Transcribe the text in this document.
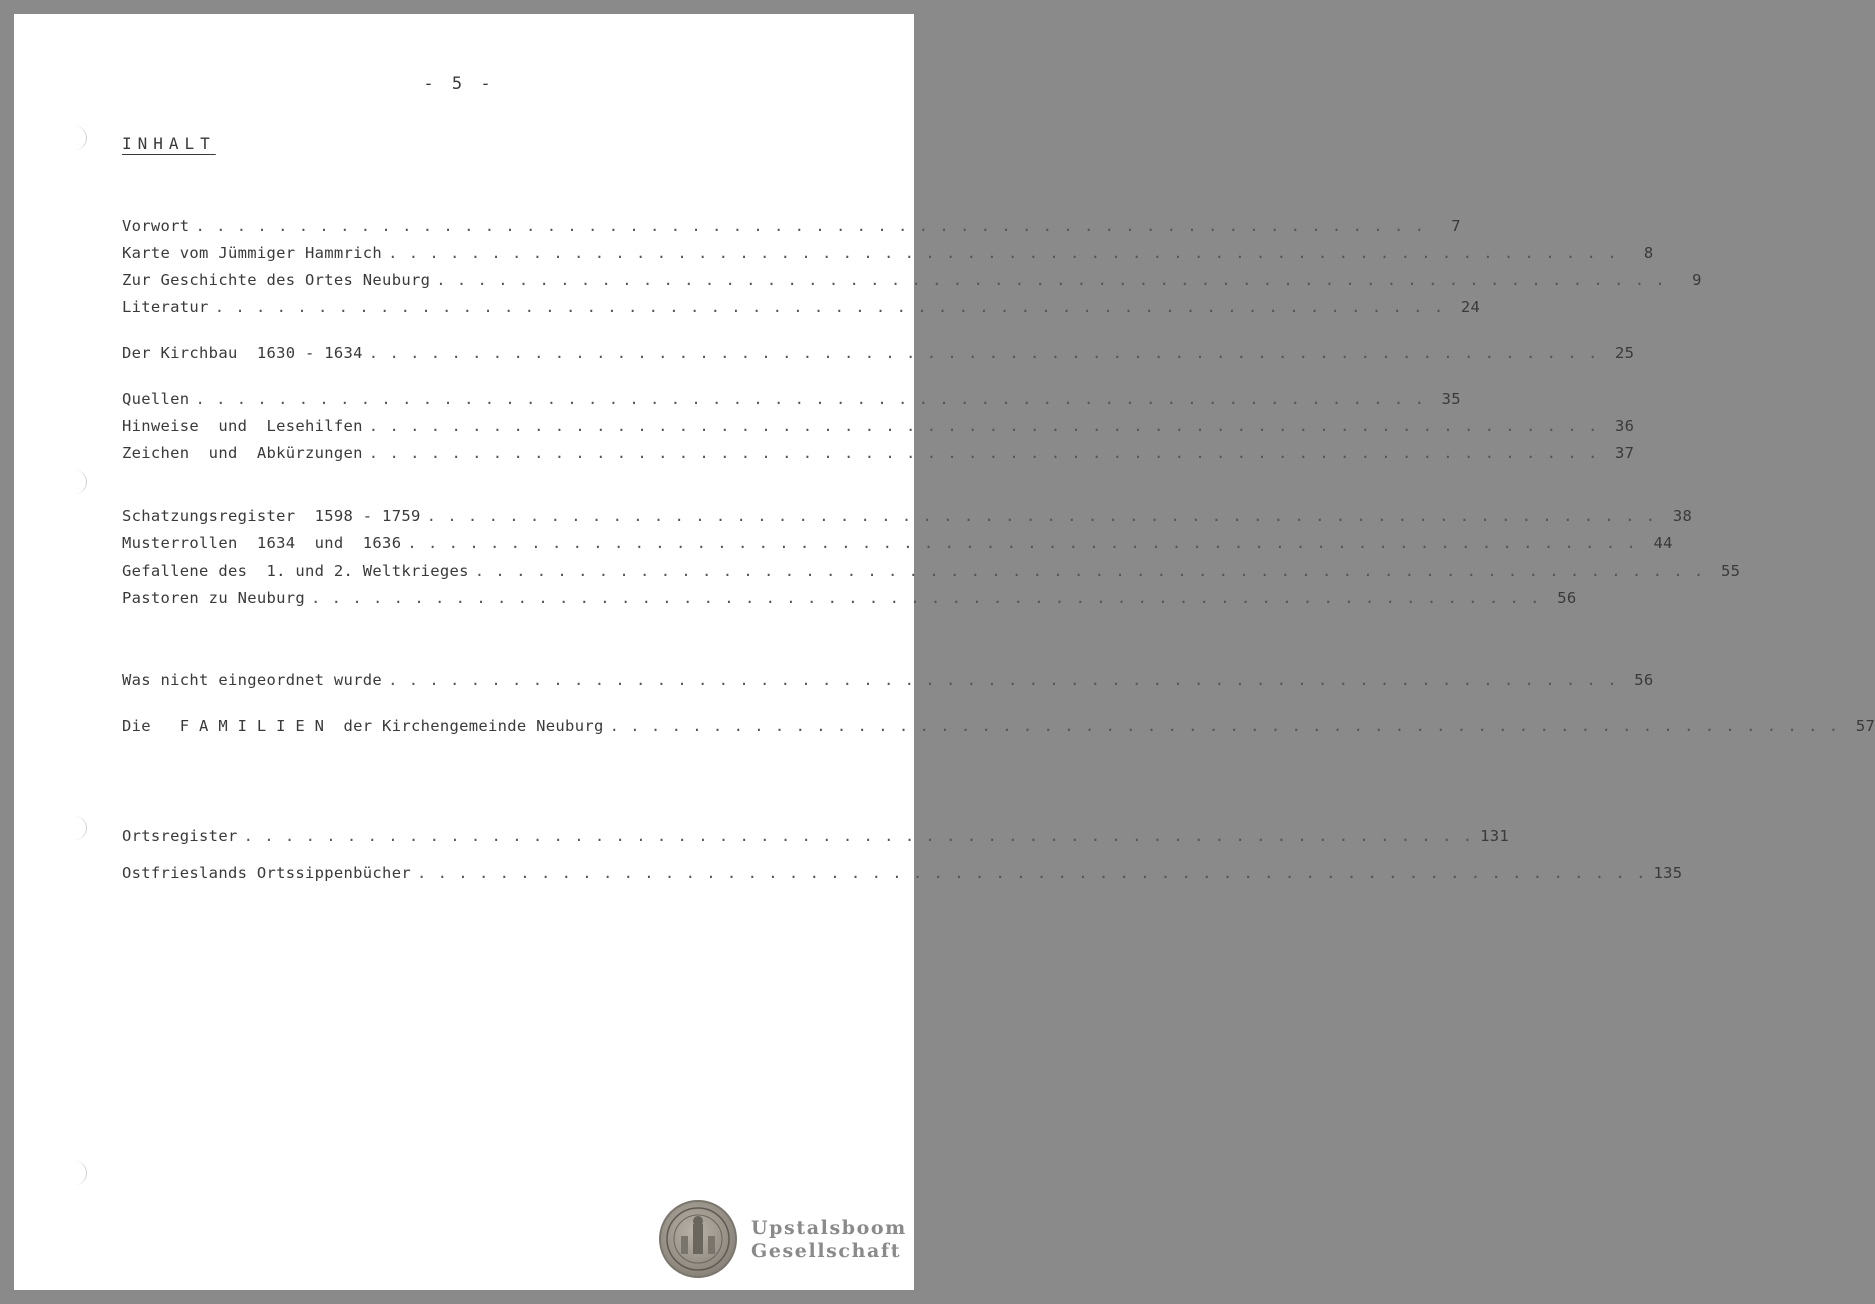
- 5 -
INHALT
Vorwort . . . . . . . . . . . . . . . . . . . . . . . . . . . . . . . . . . . . . . . . . . . . . . . . . . . . . . . . . . . .	7
Karte vom Jümmiger Hammrich . . . . . . . . . . . . . . . . . . . . . . . . . . . . . . . . . . . . . . . . . . . . . . . . . . . . . . . . . . . .	8
Zur Geschichte des Ortes Neuburg . . . . . . . . . . . . . . . . . . . . . . . . . . . . . . . . . . . . . . . . . . . . . . . . . . . . . . . . . . . .	9
Literatur . . . . . . . . . . . . . . . . . . . . . . . . . . . . . . . . . . . . . . . . . . . . . . . . . . . . . . . . . . . .	24
Der Kirchbau  1630 - 1634 . . . . . . . . . . . . . . . . . . . . . . . . . . . . . . . . . . . . . . . . . . . . . . . . . . . . . . . . . . . .	25
Quellen . . . . . . . . . . . . . . . . . . . . . . . . . . . . . . . . . . . . . . . . . . . . . . . . . . . . . . . . . . . .	35
Hinweise  und  Lesehilfen . . . . . . . . . . . . . . . . . . . . . . . . . . . . . . . . . . . . . . . . . . . . . . . . . . . . . . . . . . . .	36
Zeichen  und  Abkürzungen . . . . . . . . . . . . . . . . . . . . . . . . . . . . . . . . . . . . . . . . . . . . . . . . . . . . . . . . . . . .	37
Schatzungsregister  1598 - 1759 . . . . . . . . . . . . . . . . . . . . . . . . . . . . . . . . . . . . . . . . . . . . . . . . . . . . . . . . . . . .	38
Musterrollen  1634  und  1636 . . . . . . . . . . . . . . . . . . . . . . . . . . . . . . . . . . . . . . . . . . . . . . . . . . . . . . . . . . . .	44
Gefallene des  1. und 2. Weltkrieges . . . . . . . . . . . . . . . . . . . . . . . . . . . . . . . . . . . . . . . . . . . . . . . . . . . . . . . . . . . .	55
Pastoren zu Neuburg . . . . . . . . . . . . . . . . . . . . . . . . . . . . . . . . . . . . . . . . . . . . . . . . . . . . . . . . . . . .	56
Was nicht eingeordnet wurde . . . . . . . . . . . . . . . . . . . . . . . . . . . . . . . . . . . . . . . . . . . . . . . . . . . . . . . . . . . .	56
Die   F A M I L I E N  der Kirchengemeinde Neuburg . . . . . . . . . . . . . . . . . . . . . . . . . . . . . . . . . . . . . . . . . . . . . . . . . . . . . . . . . . . .	57
Ortsregister . . . . . . . . . . . . . . . . . . . . . . . . . . . . . . . . . . . . . . . . . . . . . . . . . . . . . . . . . . . . 131
Ostfrieslands Ortssippenbücher . . . . . . . . . . . . . . . . . . . . . . . . . . . . . . . . . . . . . . . . . . . . . . . . . . . . . . . . . . . . 135
Upstalsboom
Gesellschaft
